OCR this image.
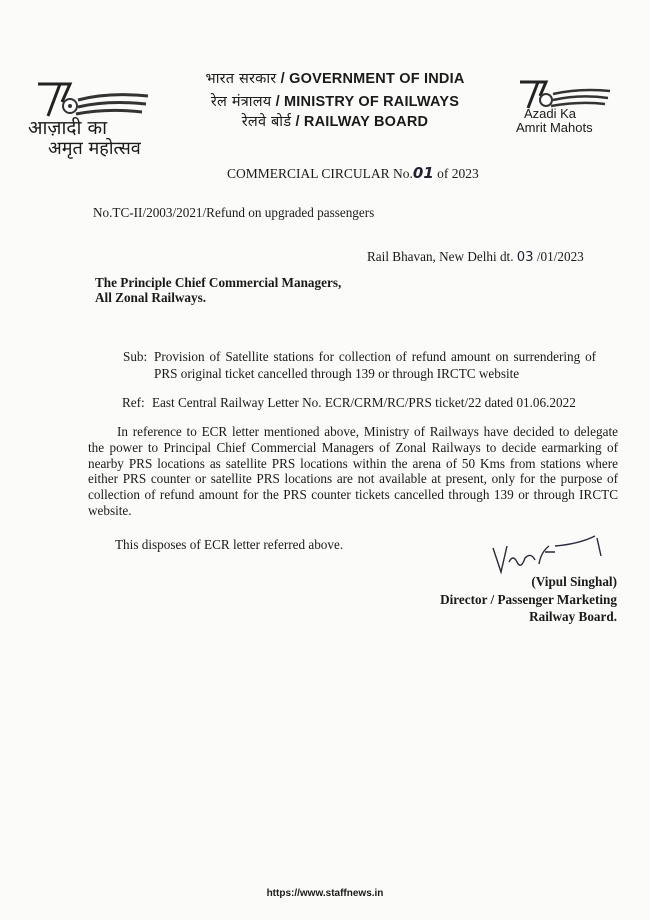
आज़ादी का
अमृत महोत्सव
भारत सरकार / GOVERNMENT OF INDIA
रेल मंत्रालय / MINISTRY OF RAILWAYS
रेलवे बोर्ड / RAILWAY BOARD
Azadi Ka
Amrit Mahots
COMMERCIAL CIRCULAR No.01 of 2023
No.TC-II/2003/2021/Refund on upgraded passengers
Rail Bhavan, New Delhi dt. 03 /01/2023
The Principle Chief Commercial Managers,
All Zonal Railways.
Sub: Provision of Satellite stations for collection of refund amount on surrendering of
PRS original ticket cancelled through 139 or through IRCTC website
Ref: East Central Railway Letter No. ECR/CRM/RC/PRS ticket/22 dated 01.06.2022
In reference to ECR letter mentioned above, Ministry of Railways have decided to delegate the power to Principal Chief Commercial Managers of Zonal Railways to decide earmarking of nearby PRS locations as satellite PRS locations within the arena of 50 Kms from stations where either PRS counter or satellite PRS locations are not available at present, only for the purpose of collection of refund amount for the PRS counter tickets cancelled through 139 or through IRCTC website.
This disposes of ECR letter referred above.
(Vipul Singhal)
Director / Passenger Marketing
Railway Board.
https://www.staffnews.in
